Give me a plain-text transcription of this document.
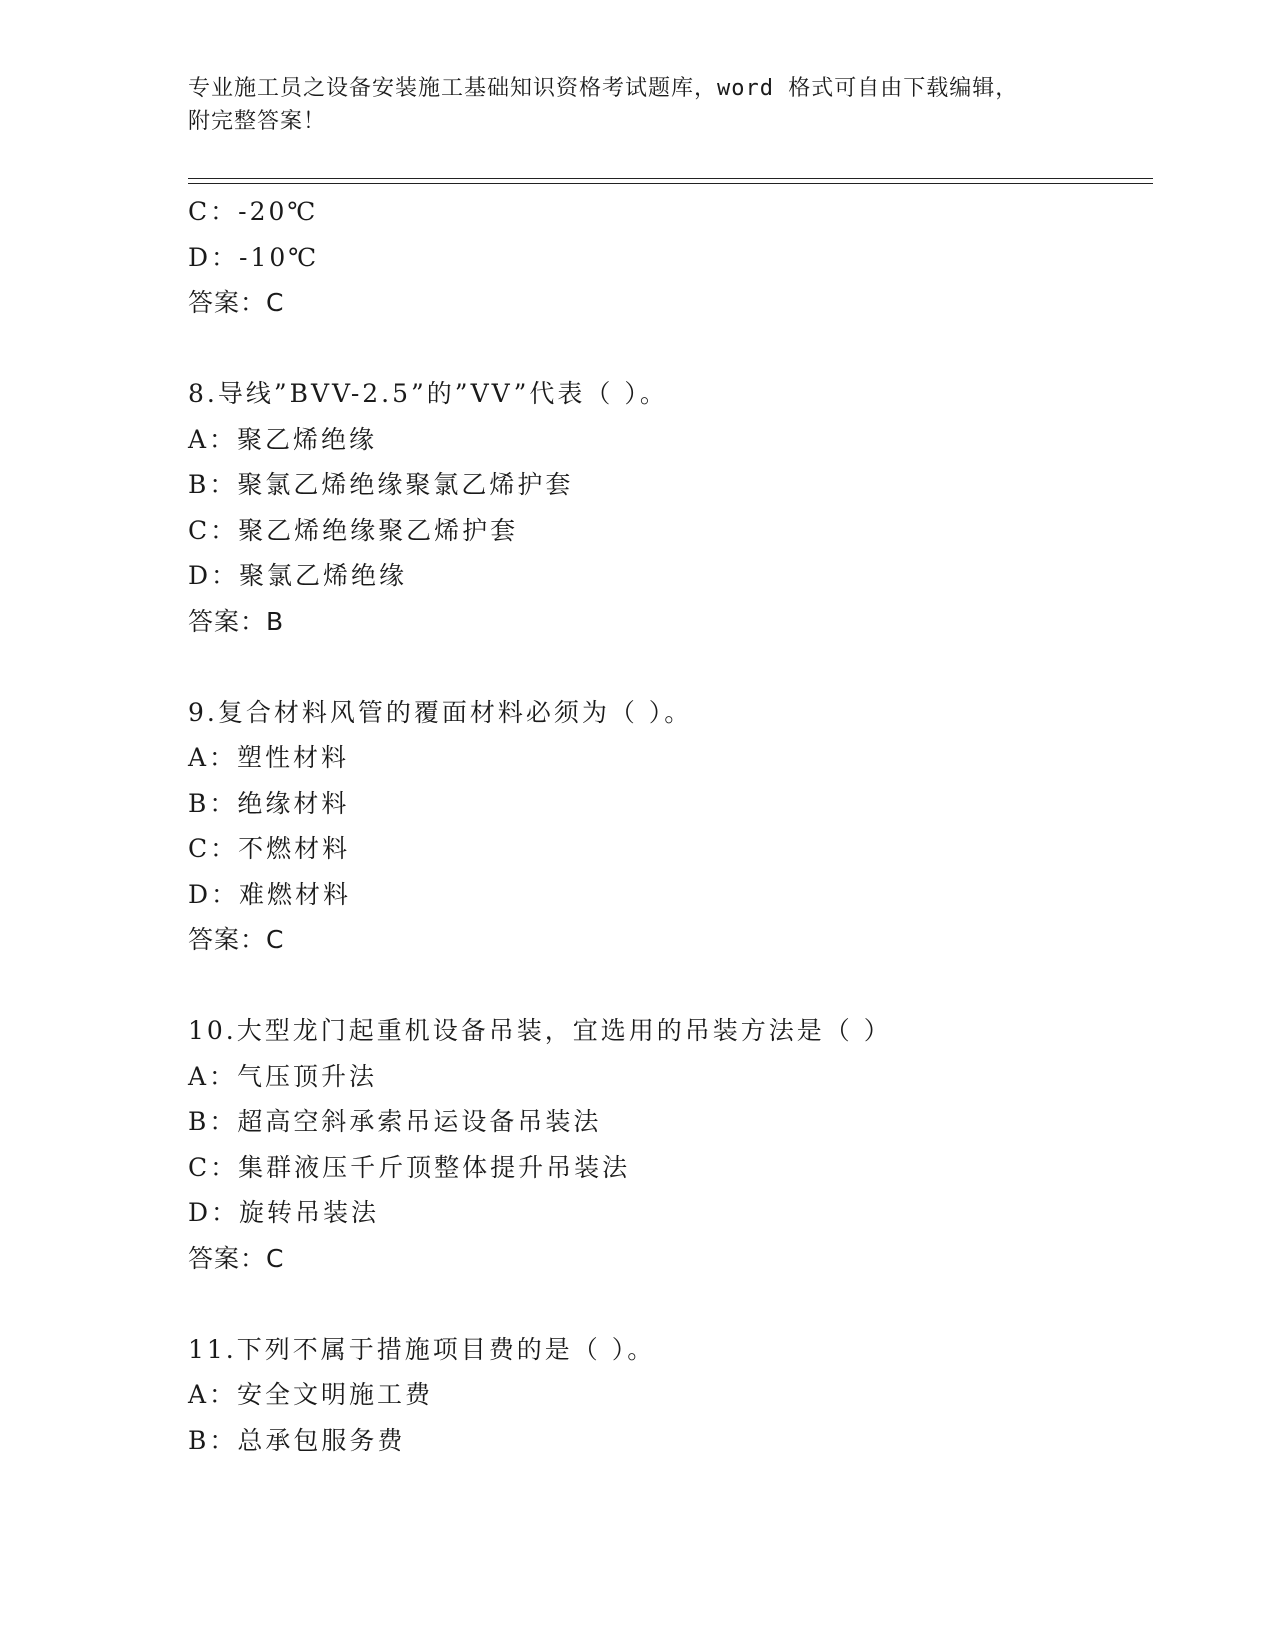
专业施工员之设备安装施工基础知识资格考试题库，word 格式可自由下载编辑，
附完整答案！
C：-20℃
D：-10℃
答案：C
8.导线”BVV-2.5”的”VV”代表（ ）。
A：聚乙烯绝缘
B：聚氯乙烯绝缘聚氯乙烯护套
C：聚乙烯绝缘聚乙烯护套
D：聚氯乙烯绝缘
答案：B
9.复合材料风管的覆面材料必须为（ ）。
A：塑性材料
B：绝缘材料
C：不燃材料
D：难燃材料
答案：C
10.大型龙门起重机设备吊装，宜选用的吊装方法是（ ）
A：气压顶升法
B：超高空斜承索吊运设备吊装法
C：集群液压千斤顶整体提升吊装法
D：旋转吊装法
答案：C
11.下列不属于措施项目费的是（ ）。
A：安全文明施工费
B：总承包服务费
